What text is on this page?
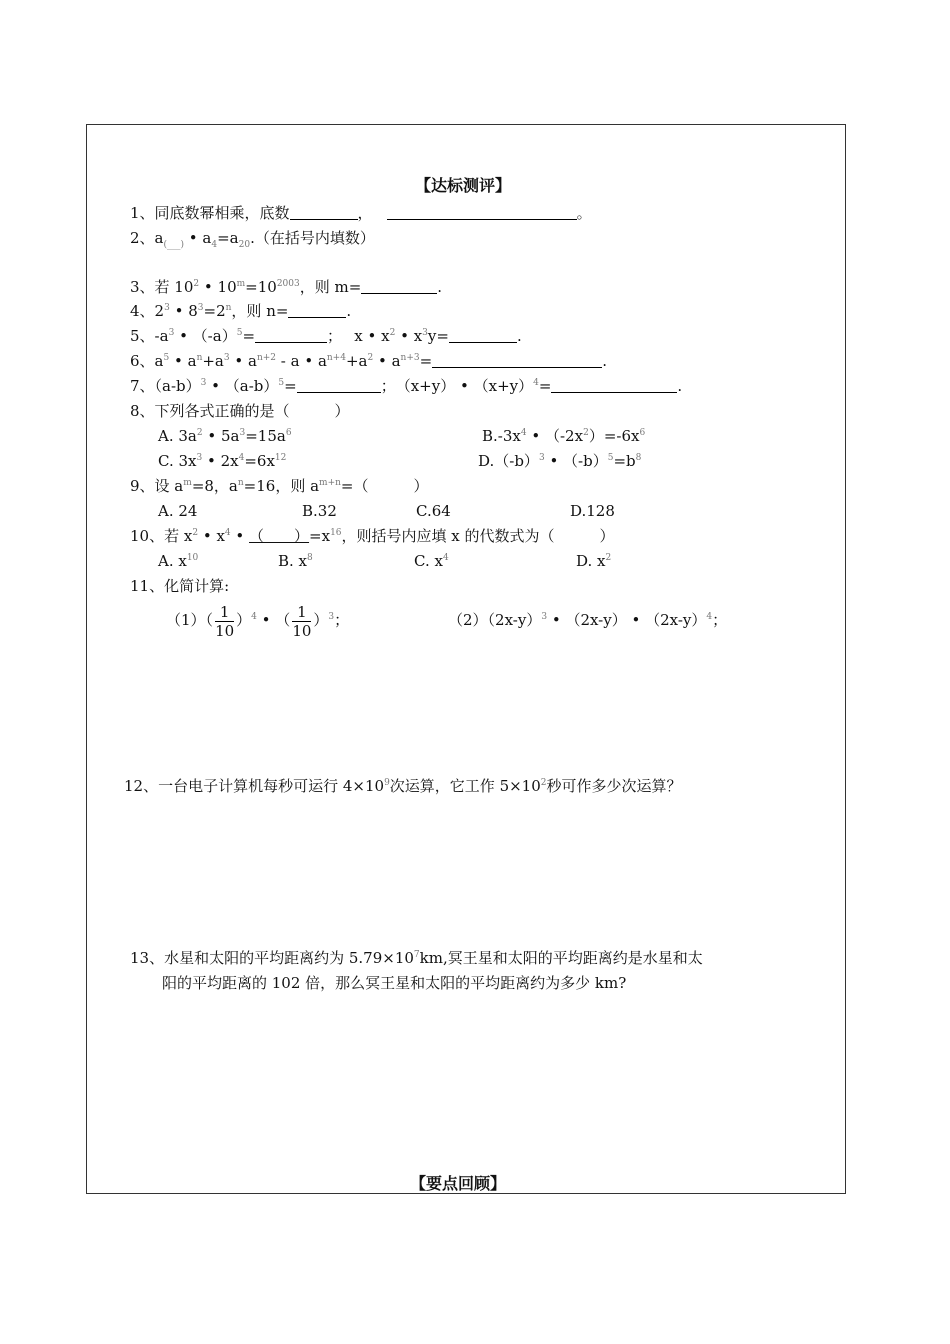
【达标测评】
1、同底数幂相乘，底数	，	。
2、$a_{(\_\_\_)}$ • $a_4=a_{20}$.（在括号内填数）
3、若 $10^2$ • $10^m=10^{2003}$，则 m=	.
4、$2^3$ • $8^3=2^n$，则 n=	.
5、$-a^3$ • $(-a)^5=$	；　 x • $x^2$ • $x^3y=$	.
6、$a^5$ • $a^n+a^3$ • $a^{n+2}$ - a • $a^{n+4}+a^2$ • $a^{n+3}=$	.
7、$(a-b)^3$ • $(a-b)^5=$	；　（x+y） • $(x+y)^4=$	.
8、下列各式正确的是（　　　）
A. $3a^2$ • $5a^3=15a^6$	$B.-3x^4$ • $(-2x^2)=-6x^6$
C. $3x^3$ • $2x^4=6x^{12}$	$D.(-b)^3$ • $(-b)^5=b^8$
9、设 $a^m=8$，$a^n=16$，则 $a^{m+n}=$（　　　）
A. 24	B.32	C.64	D.128
10、若 $x^2$ • $x^4$ • （　　）$=x^{16}$，则括号内应填 x 的代数式为（　　　）
A. $x^{10}$	B. $x^8$	C. $x^4$	D. $x^2$
11、化简计算:
$(1)( \frac{1}{10} )^4$ • （ $\frac{1}{10} )^3$；	$(2)(2x-y)^3$ • （2x-y） • $(2x-y)^4$；
12、一台电子计算机每秒可运行 $4\times 10^9$次运算，它工作 $5\times 10^2$秒可作多少次运算？
13、水星和太阳的平均距离约为 $5.79\times 10^7km$,冥王星和太阳的平均距离约是水星和太
阳的平均距离的 102 倍，那么冥王星和太阳的平均距离约为多少 km?
【要点回顾】
